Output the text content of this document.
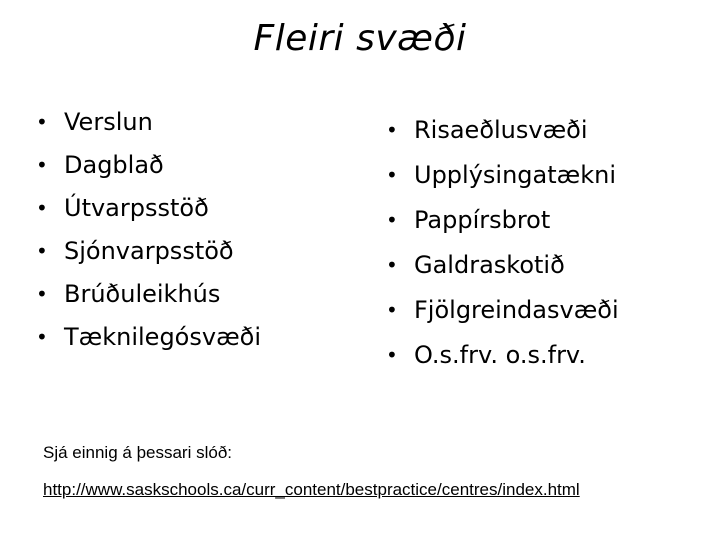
Fleiri svæði
• Verslun
• Dagblað
• Útvarpsstöð
• Sjónvarpsstöð
• Brúðuleikhús
• Tæknilegósvæði
• Risaeðlusvæði
• Upplýsingatækni
• Pappírsbrot
• Galdraskotið
• Fjölgreindasvæði
• O.s.frv. o.s.frv.
Sjá einnig á þessari slóð:
http://www.saskschools.ca/curr_content/bestpractice/centres/index.html
